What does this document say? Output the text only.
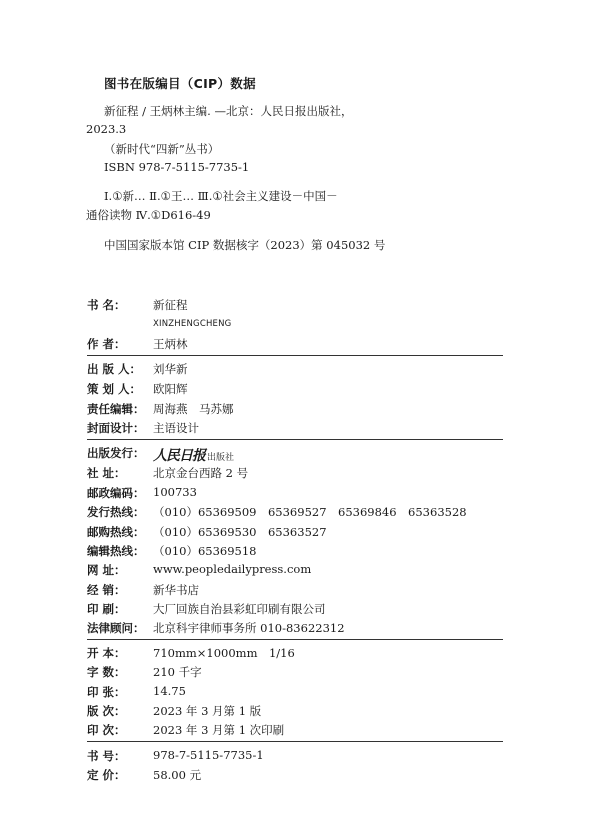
图书在版编目（CIP）数据
新征程 / 王炳林主编. —北京：人民日报出版社，
2023.3
（新时代“四新”丛书）
ISBN 978-7-5115-7735-1
Ⅰ.①新… Ⅱ.①王… Ⅲ.①社会主义建设－中国－
通俗读物 Ⅳ.①D616-49
中国国家版本馆 CIP 数据核字（2023）第 045032 号
书 名： 新征程
XINZHENGCHENG
作 者： 王炳林
出 版 人： 刘华新
策 划 人： 欧阳辉
责任编辑： 周海燕　马苏娜
封面设计： 主语设计
出版发行： 人民日报 出版社
社 址： 北京金台西路 2 号
邮政编码： 100733
发行热线： （010）65369509　65369527　65369846　65363528
邮购热线： （010）65369530　65363527
编辑热线： （010）65369518
网 址： www.peopledailypress.com
经 销： 新华书店
印 刷： 大厂回族自治县彩虹印刷有限公司
法律顾问： 北京科宇律师事务所 010-83622312
开 本： 710mm×1000mm　1/16
字 数： 210 千字
印 张： 14.75
版 次： 2023 年 3 月第 1 版
印 次： 2023 年 3 月第 1 次印刷
书 号： 978-7-5115-7735-1
定 价： 58.00 元
